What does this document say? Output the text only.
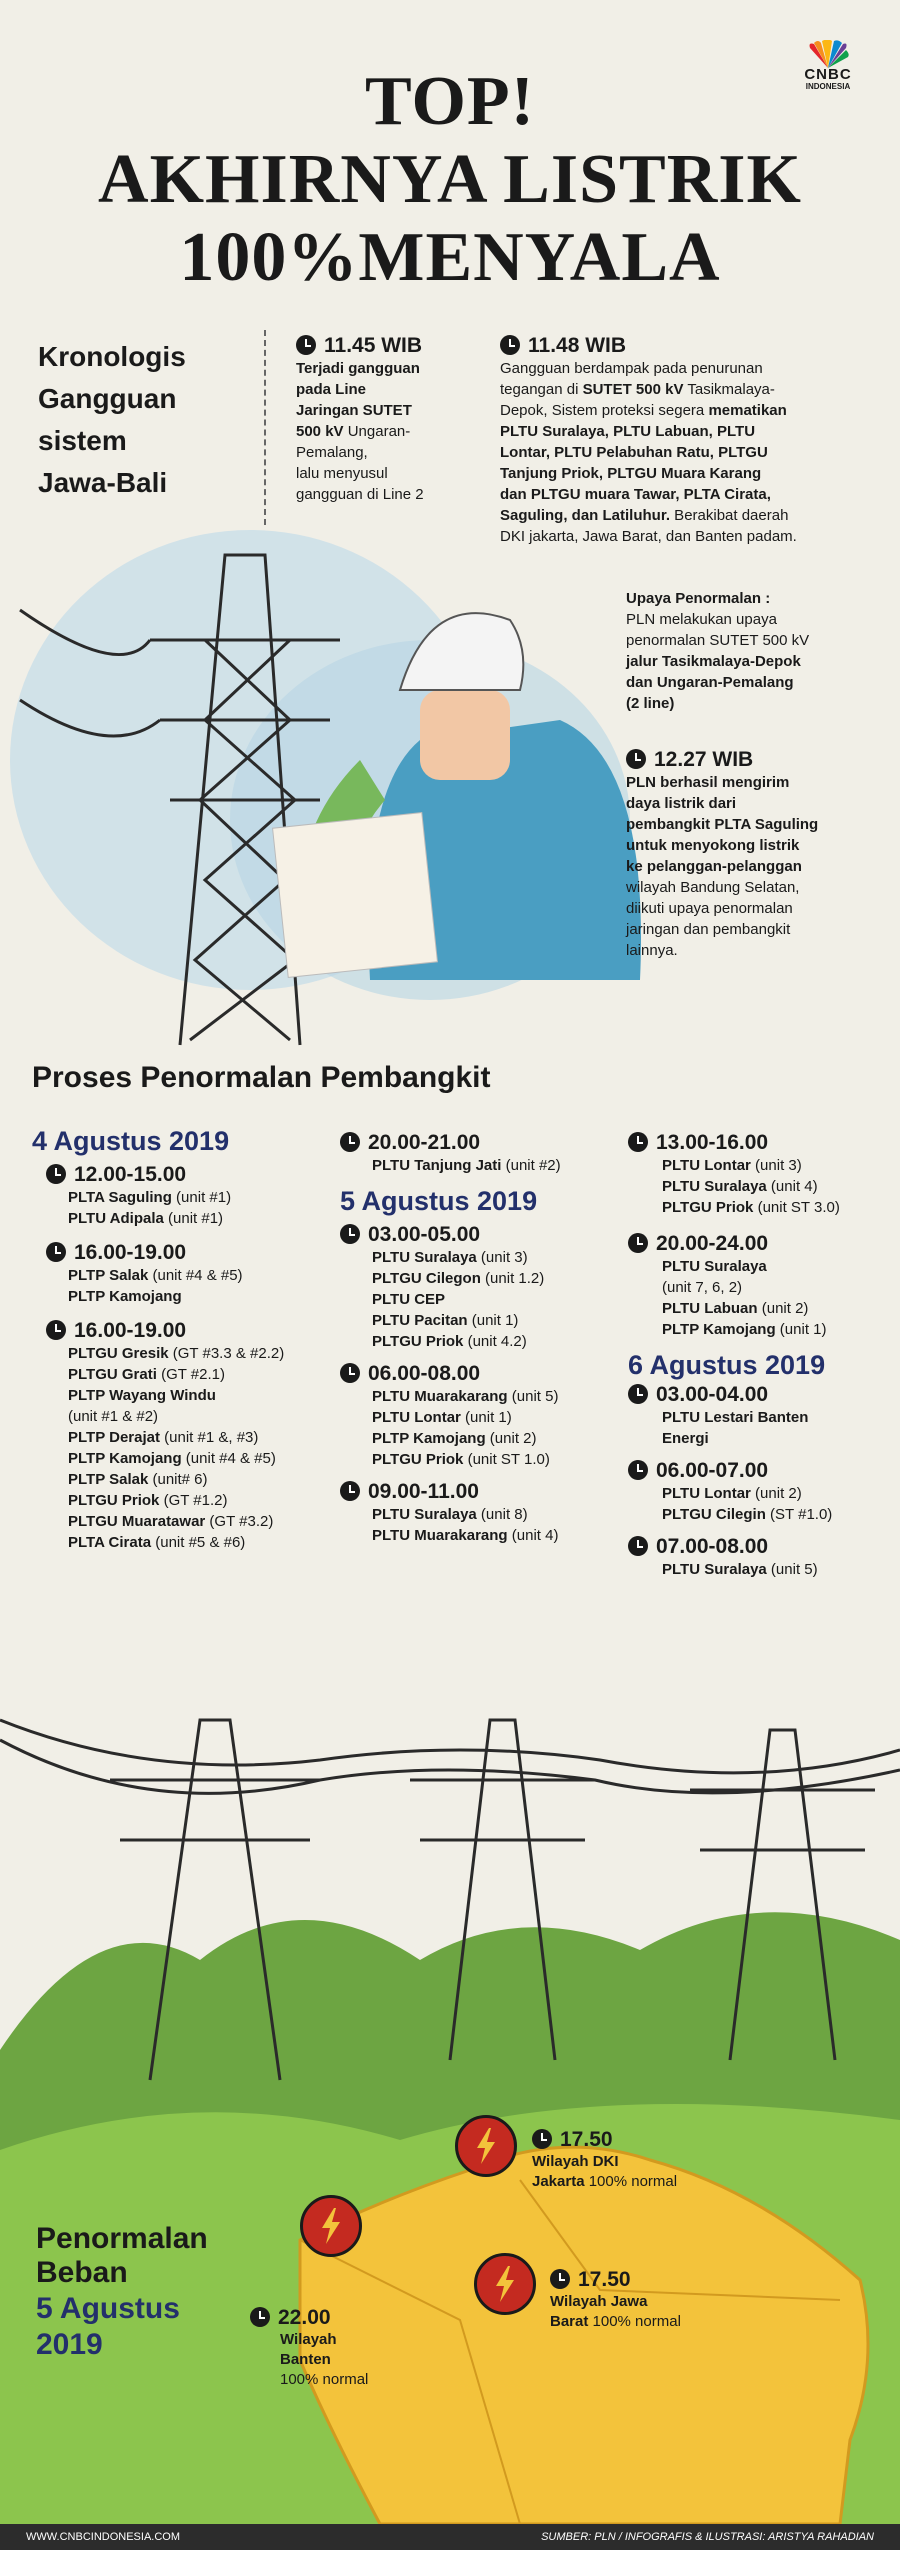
CNBC
INDONESIA
TOP!
AKHIRNYA LISTRIK
100%MENYALA
Kronologis
Gangguan
sistem
Jawa-Bali
11.45 WIB
Terjadi gangguan
pada Line
Jaringan SUTET
500 kV Ungaran-
Pemalang,
lalu menyusul
gangguan di Line 2
11.48 WIB
Gangguan berdampak pada penurunan
tegangan di SUTET 500 kV Tasikmalaya-
Depok, Sistem proteksi segera mematikan
PLTU Suralaya, PLTU Labuan, PLTU
Lontar, PLTU Pelabuhan Ratu, PLTGU
Tanjung Priok, PLTGU Muara Karang
dan PLTGU muara Tawar, PLTA Cirata,
Saguling, dan Latiluhur. Berakibat daerah
DKI jakarta, Jawa Barat, dan Banten padam.
Upaya Penormalan :
PLN melakukan upaya
penormalan SUTET 500 kV
jalur Tasikmalaya-Depok
dan Ungaran-Pemalang
(2 line)
12.27 WIB
PLN berhasil mengirim
daya listrik dari
pembangkit PLTA Saguling
untuk menyokong listrik
ke pelanggan-pelanggan
wilayah Bandung Selatan,
diikuti upaya penormalan
jaringan dan pembangkit
lainnya.
Proses Penormalan Pembangkit
4 Agustus 2019
12.00-15.00
PLTA Saguling (unit #1)
PLTU Adipala (unit #1)
16.00-19.00
PLTP Salak (unit #4 & #5)
PLTP Kamojang
16.00-19.00
PLTGU Gresik (GT #3.3 & #2.2)
PLTGU Grati (GT #2.1)
PLTP Wayang Windu
(unit #1 & #2)
PLTP Derajat (unit #1 &, #3)
PLTP Kamojang (unit #4 & #5)
PLTP Salak (unit# 6)
PLTGU Priok (GT #1.2)
PLTGU Muaratawar (GT #3.2)
PLTA Cirata (unit #5 & #6)
20.00-21.00
PLTU Tanjung Jati (unit #2)
5 Agustus 2019
03.00-05.00
PLTU Suralaya (unit 3)
PLTGU Cilegon (unit 1.2)
PLTU CEP
PLTU Pacitan (unit 1)
PLTGU Priok (unit 4.2)
06.00-08.00
PLTU Muarakarang (unit 5)
PLTU Lontar (unit 1)
PLTP Kamojang (unit 2)
PLTGU Priok (unit ST 1.0)
09.00-11.00
PLTU Suralaya (unit 8)
PLTU Muarakarang (unit 4)
13.00-16.00
PLTU Lontar (unit 3)
PLTU Suralaya (unit 4)
PLTGU Priok (unit ST 3.0)
20.00-24.00
PLTU Suralaya
(unit 7, 6, 2)
PLTU Labuan (unit 2)
PLTP Kamojang (unit 1)
6 Agustus 2019
03.00-04.00
PLTU Lestari Banten
Energi
06.00-07.00
PLTU Lontar (unit 2)
PLTGU Cilegin (ST #1.0)
07.00-08.00
PLTU Suralaya (unit 5)
Penormalan
Beban
5 Agustus
2019
17.50
Wilayah DKI
Jakarta 100% normal
17.50
Wilayah Jawa
Barat 100% normal
22.00
Wilayah
Banten
100% normal
WWW.CNBCINDONESIA.COM	SUMBER: PLN / INFOGRAFIS & ILUSTRASI: ARISTYA RAHADIAN
